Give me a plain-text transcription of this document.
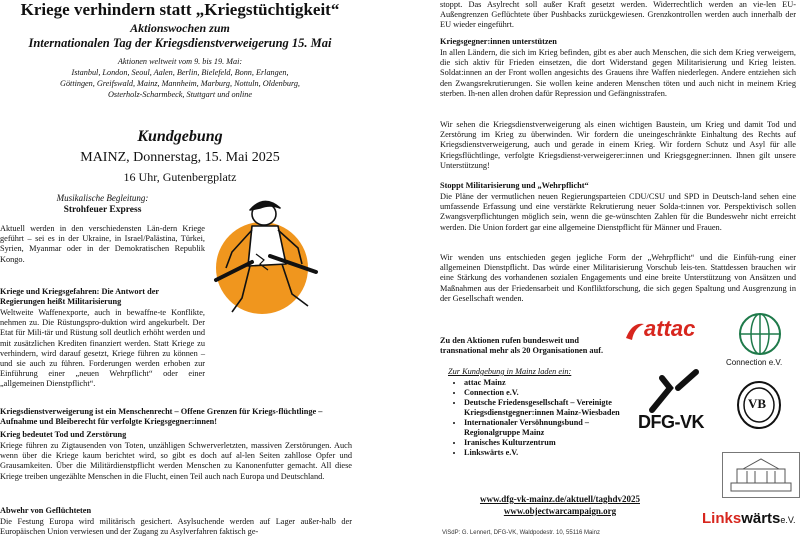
Kriege verhindern statt „Kriegstüchtigkeit“
Aktionswochen zum
Internationalen Tag der Kriegsdienstverweigerung 15. Mai
Aktionen weltweit vom 9. bis 19. Mai:
Istanbul, London, Seoul, Aalen, Berlin, Bielefeld, Bonn, Erlangen,
Göttingen, Greifswald, Mainz, Mannheim, Marburg, Nottuln, Oldenburg,
Osterholz-Scharmbeck, Stuttgart und online
Kundgebung
MAINZ, Donnerstag, 15. Mai 2025
16 Uhr, Gutenbergplatz
Musikalische Begleitung:
Strohfeuer Express
Aktuell werden in den verschiedensten Län-dern Kriege geführt – sei es in der Ukraine, in Israel/Palästina, Türkei, Syrien, Myanmar oder in der Demokratischen Republik Kongo.
Kriege und Kriegsgefahren: Die Antwort der Regierungen heißt Militarisierung
Weltweite Waffenexporte, auch in bewaffne-te Konflikte, nehmen zu. Die Rüstungspro-duktion wird angekurbelt. Der Etat für Mili-tär und Rüstung soll deutlich erhöht werden und mit zusätzlichen Krediten finanziert werden. Statt Kriege zu verhindern, wird darauf gesetzt, Kriege führen zu können – und sie auch zu führen. Forderungen werden erhoben zur Einführung einer „neuen Wehrpflicht“ oder einer „allgemeinen Dienstpflicht“.
Kriegsdienstverweigerung ist ein Menschenrecht – Offene Grenzen für Kriegs-flüchtlinge – Aufnahme und Bleiberecht für verfolgte Kriegsgegner:innen!
Krieg bedeutet Tod und Zerstörung
Kriege führen zu Zigtausenden von Toten, unzähligen Schwerverletzten, massiven Zerstörungen. Auch wenn über die Kriege kaum berichtet wird, so gibt es doch auf al-len Seiten zahllose Opfer und Grausamkeiten. Über die Militärdienstpflicht werden Menschen zu Kanonenfutter gemacht. All diese Kriege treiben ungezählte Menschen in die Flucht, einen Teil auch nach Europa und Deutschland.
Abwehr von Geflüchteten
Die Festung Europa wird militärisch gesichert. Asylsuchende werden auf Lager außer-halb der Europäischen Union verwiesen und der Zugang zu Asylverfahren faktisch ge-
stoppt. Das Asylrecht soll außer Kraft gesetzt werden. Widerrechtlich werden an vie-len EU-Außengrenzen Geflüchtete über Pushbacks zurückgewiesen. Grenzkontrollen werden auch innerhalb der EU wieder eingeführt.
Kriegsgegner:innen unterstützen
In allen Ländern, die sich im Krieg befinden, gibt es aber auch Menschen, die sich dem Krieg verweigern, die sich aktiv für Frieden einsetzen, die dort Widerstand gegen Militarisierung und Krieg leisten. Soldat:innen an der Front wollen angesichts des Grauens ihre Waffen niederlegen. Andere entziehen sich den Zwangsrekrutierungen. Sie wollen keine anderen Menschen töten und auch nicht in meinem Krieg sterben. Ih-nen allen drohen dafür Repression und Gefängnisstrafen.
Wir sehen die Kriegsdienstverweigerung als einen wichtigen Baustein, um Krieg und damit Tod und Zerstörung im Krieg zu überwinden. Wir fordern die uneingeschränkte Einhaltung des Rechts auf Kriegsdienstverweigerung, auch und gerade in einem Krieg. Wir fordern Schutz und Asyl für alle Kriegsflüchtlinge, verfolgte Kriegsdienst-verweigerer:innen und Kriegsgegner:innen. Ihnen gilt unsere Unterstützung!
Stoppt Militarisierung und „Wehrpflicht“
Die Pläne der vermutlichen neuen Regierungsparteien CDU/CSU und SPD in Deutsch-land sehen eine umfassende Erfassung und eine verstärkte Rekrutierung neuer Solda-t:innen vor. Perspektivisch sollen Zwangsverpflichtungen möglich sein, wenn die ge-wünschten Zahlen für die Bundeswehr nicht erreicht werden. Die Union fordert gar eine allgemeine Dienstpflicht für Männer und Frauen.
Wir wenden uns entschieden gegen jegliche Form der „Wehrpflicht“ und die Einfüh-rung einer allgemeinen Dienstpflicht. Das würde einer Militarisierung Vorschub leis-ten. Stattdessen brauchen wir eine Stärkung des vorhandenen sozialen Engagements und eine breite Unterstützung von Ansätzen und Maßnahmen aus der Friedensarbeit und Konfliktforschung, die sich gegen Spaltung und Ausgrenzung in der Gesellschaft wenden.
Zu den Aktionen rufen bundesweit und transnational mehr als 20 Organisationen auf.
Zur Kundgebung in Mainz laden ein:
• attac Mainz
• Connection e.V.
• Deutsche Friedensgesellschaft – Vereinigte Kriegsdienstgegner:innen Mainz-Wiesbaden
• Internationaler Versöhnungsbund – Regionalgruppe Mainz
• Iranisches Kulturzentrum
• Linkswärts e.V.
www.dfg-vk-mainz.de/aktuell/taghdv2025
www.objectwarcampaign.org
ViSdP: G. Lennert, DFG-VK, Waldpodestr. 10, 55116 Mainz
attac
Connection e.V.
DFG-VK
VB
Linkswärtse.V.
